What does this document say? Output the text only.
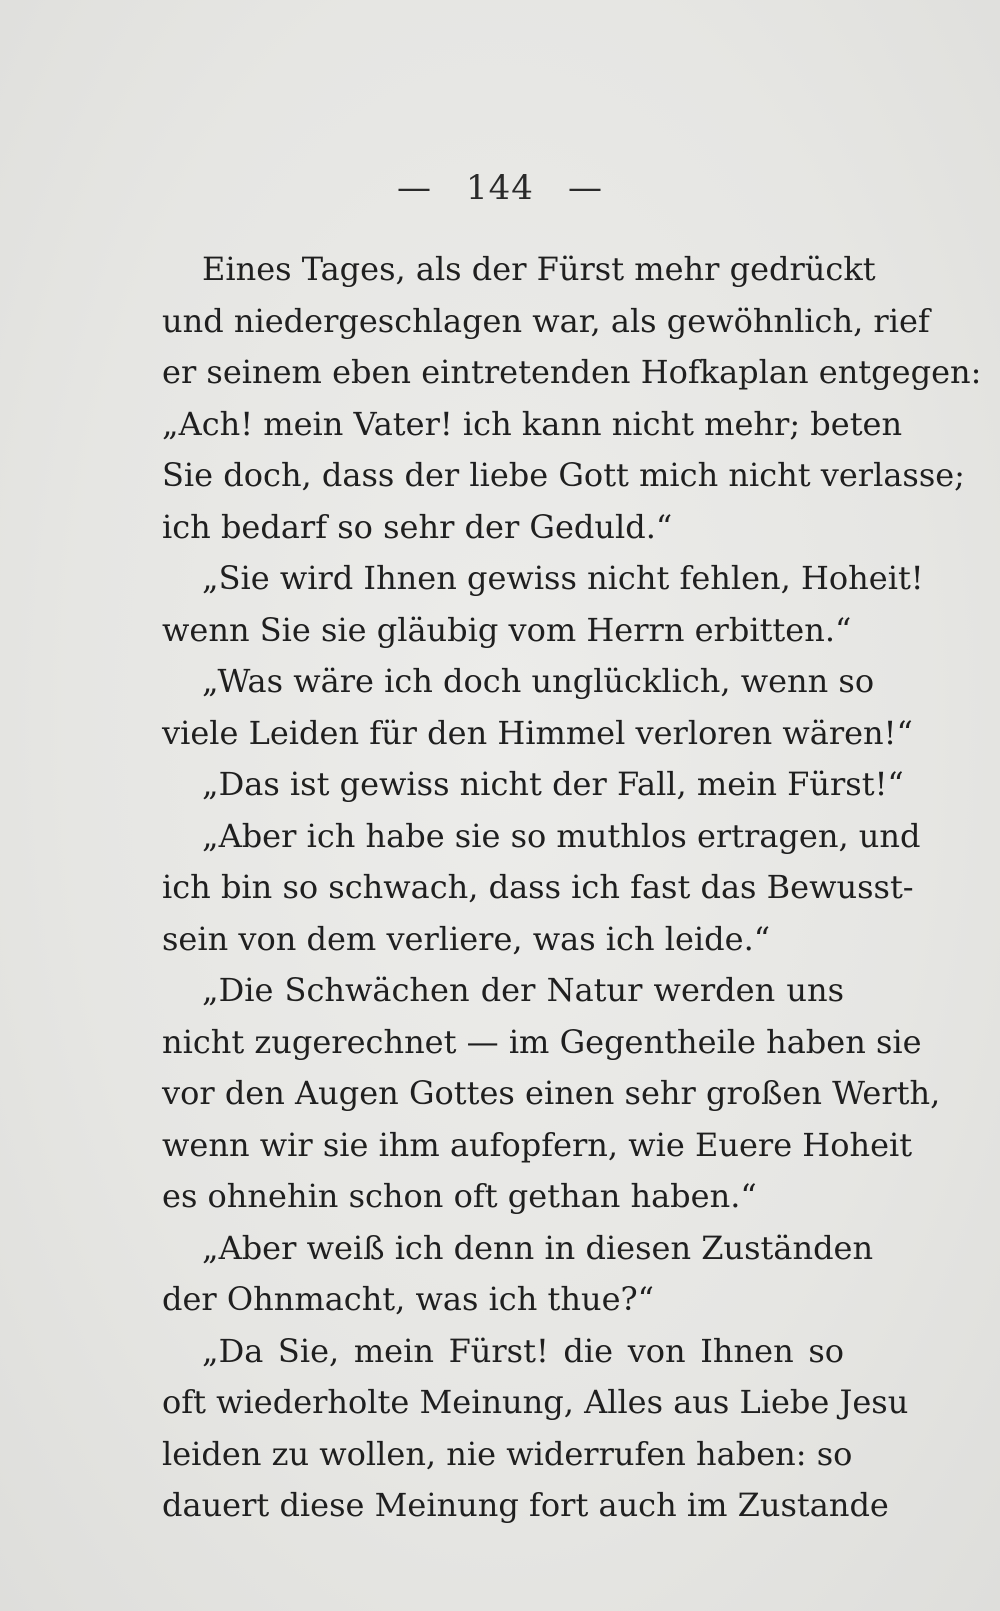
— 144 —
Eines Tages, als der Fürst mehr gedrückt
und niedergeschlagen war, als gewöhnlich, rief
er seinem eben eintretenden Hofkaplan entgegen:
„Ach! mein Vater! ich kann nicht mehr; beten
Sie doch, dass der liebe Gott mich nicht verlasse;
ich bedarf so sehr der Geduld.“
„Sie wird Ihnen gewiss nicht fehlen, Hoheit!
wenn Sie sie gläubig vom Herrn erbitten.“
„Was wäre ich doch unglücklich, wenn so
viele Leiden für den Himmel verloren wären!“
„Das ist gewiss nicht der Fall, mein Fürst!“
„Aber ich habe sie so muthlos ertragen, und
ich bin so schwach, dass ich fast das Bewusst-
sein von dem verliere, was ich leide.“
„Die Schwächen der Natur werden uns
nicht zugerechnet — im Gegentheile haben sie
vor den Augen Gottes einen sehr großen Werth,
wenn wir sie ihm aufopfern, wie Euere Hoheit
es ohnehin schon oft gethan haben.“
„Aber weiß ich denn in diesen Zuständen
der Ohnmacht, was ich thue?“
„Da Sie, mein Fürst! die von Ihnen so
oft wiederholte Meinung, Alles aus Liebe Jesu
leiden zu wollen, nie widerrufen haben: so
dauert diese Meinung fort auch im Zustande
